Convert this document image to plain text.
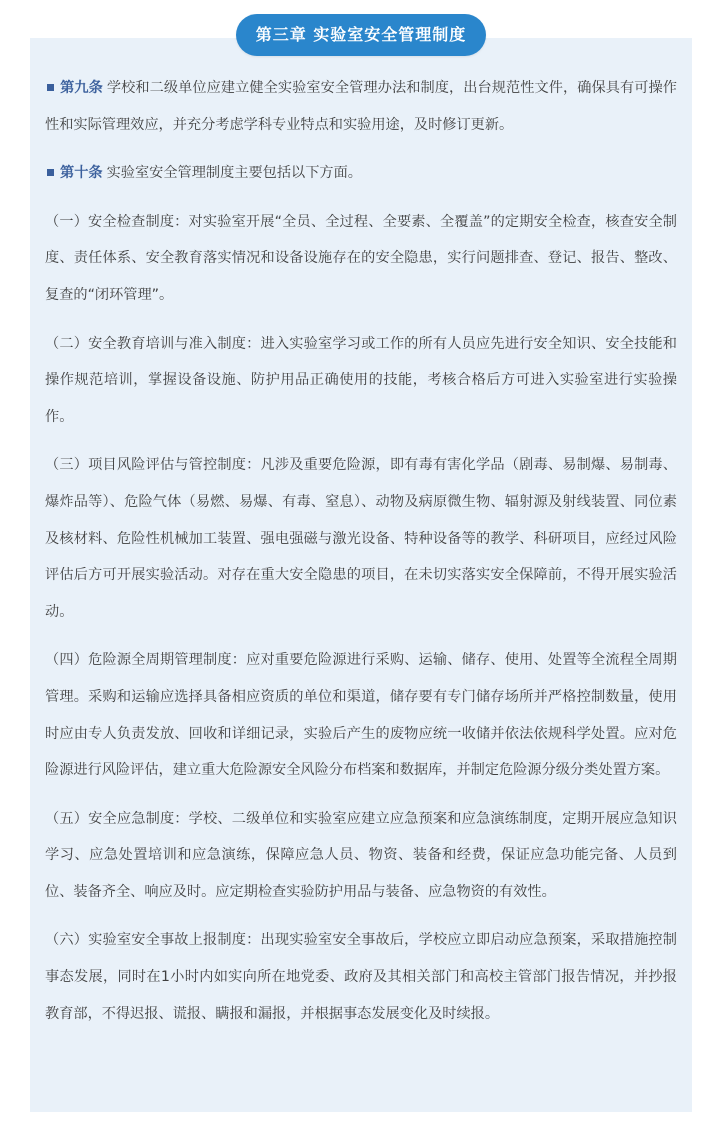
第三章 实验室安全管理制度

第九条 学校和二级单位应建立健全实验室安全管理办法和制度，出台规范性文件，确保具有可操作性和实际管理效应，并充分考虑学科专业特点和实验用途，及时修订更新。

第十条 实验室安全管理制度主要包括以下方面。

（一）安全检查制度：对实验室开展“全员、全过程、全要素、全覆盖”的定期安全检查，核查安全制度、责任体系、安全教育落实情况和设备设施存在的安全隐患，实行问题排查、登记、报告、整改、复查的“闭环管理”。

（二）安全教育培训与准入制度：进入实验室学习或工作的所有人员应先进行安全知识、安全技能和操作规范培训，掌握设备设施、防护用品正确使用的技能，考核合格后方可进入实验室进行实验操作。

（三）项目风险评估与管控制度：凡涉及重要危险源，即有毒有害化学品（剧毒、易制爆、易制毒、爆炸品等）、危险气体（易燃、易爆、有毒、窒息）、动物及病原微生物、辐射源及射线装置、同位素及核材料、危险性机械加工装置、强电强磁与激光设备、特种设备等的教学、科研项目，应经过风险评估后方可开展实验活动。对存在重大安全隐患的项目，在未切实落实安全保障前，不得开展实验活动。

（四）危险源全周期管理制度：应对重要危险源进行采购、运输、储存、使用、处置等全流程全周期管理。采购和运输应选择具备相应资质的单位和渠道，储存要有专门储存场所并严格控制数量，使用时应由专人负责发放、回收和详细记录，实验后产生的废物应统一收储并依法依规科学处置。应对危险源进行风险评估，建立重大危险源安全风险分布档案和数据库，并制定危险源分级分类处置方案。

（五）安全应急制度：学校、二级单位和实验室应建立应急预案和应急演练制度，定期开展应急知识学习、应急处置培训和应急演练，保障应急人员、物资、装备和经费，保证应急功能完备、人员到位、装备齐全、响应及时。应定期检查实验防护用品与装备、应急物资的有效性。

（六）实验室安全事故上报制度：出现实验室安全事故后，学校应立即启动应急预案，采取措施控制事态发展，同时在1小时内如实向所在地党委、政府及其相关部门和高校主管部门报告情况，并抄报教育部，不得迟报、谎报、瞒报和漏报，并根据事态发展变化及时续报。
